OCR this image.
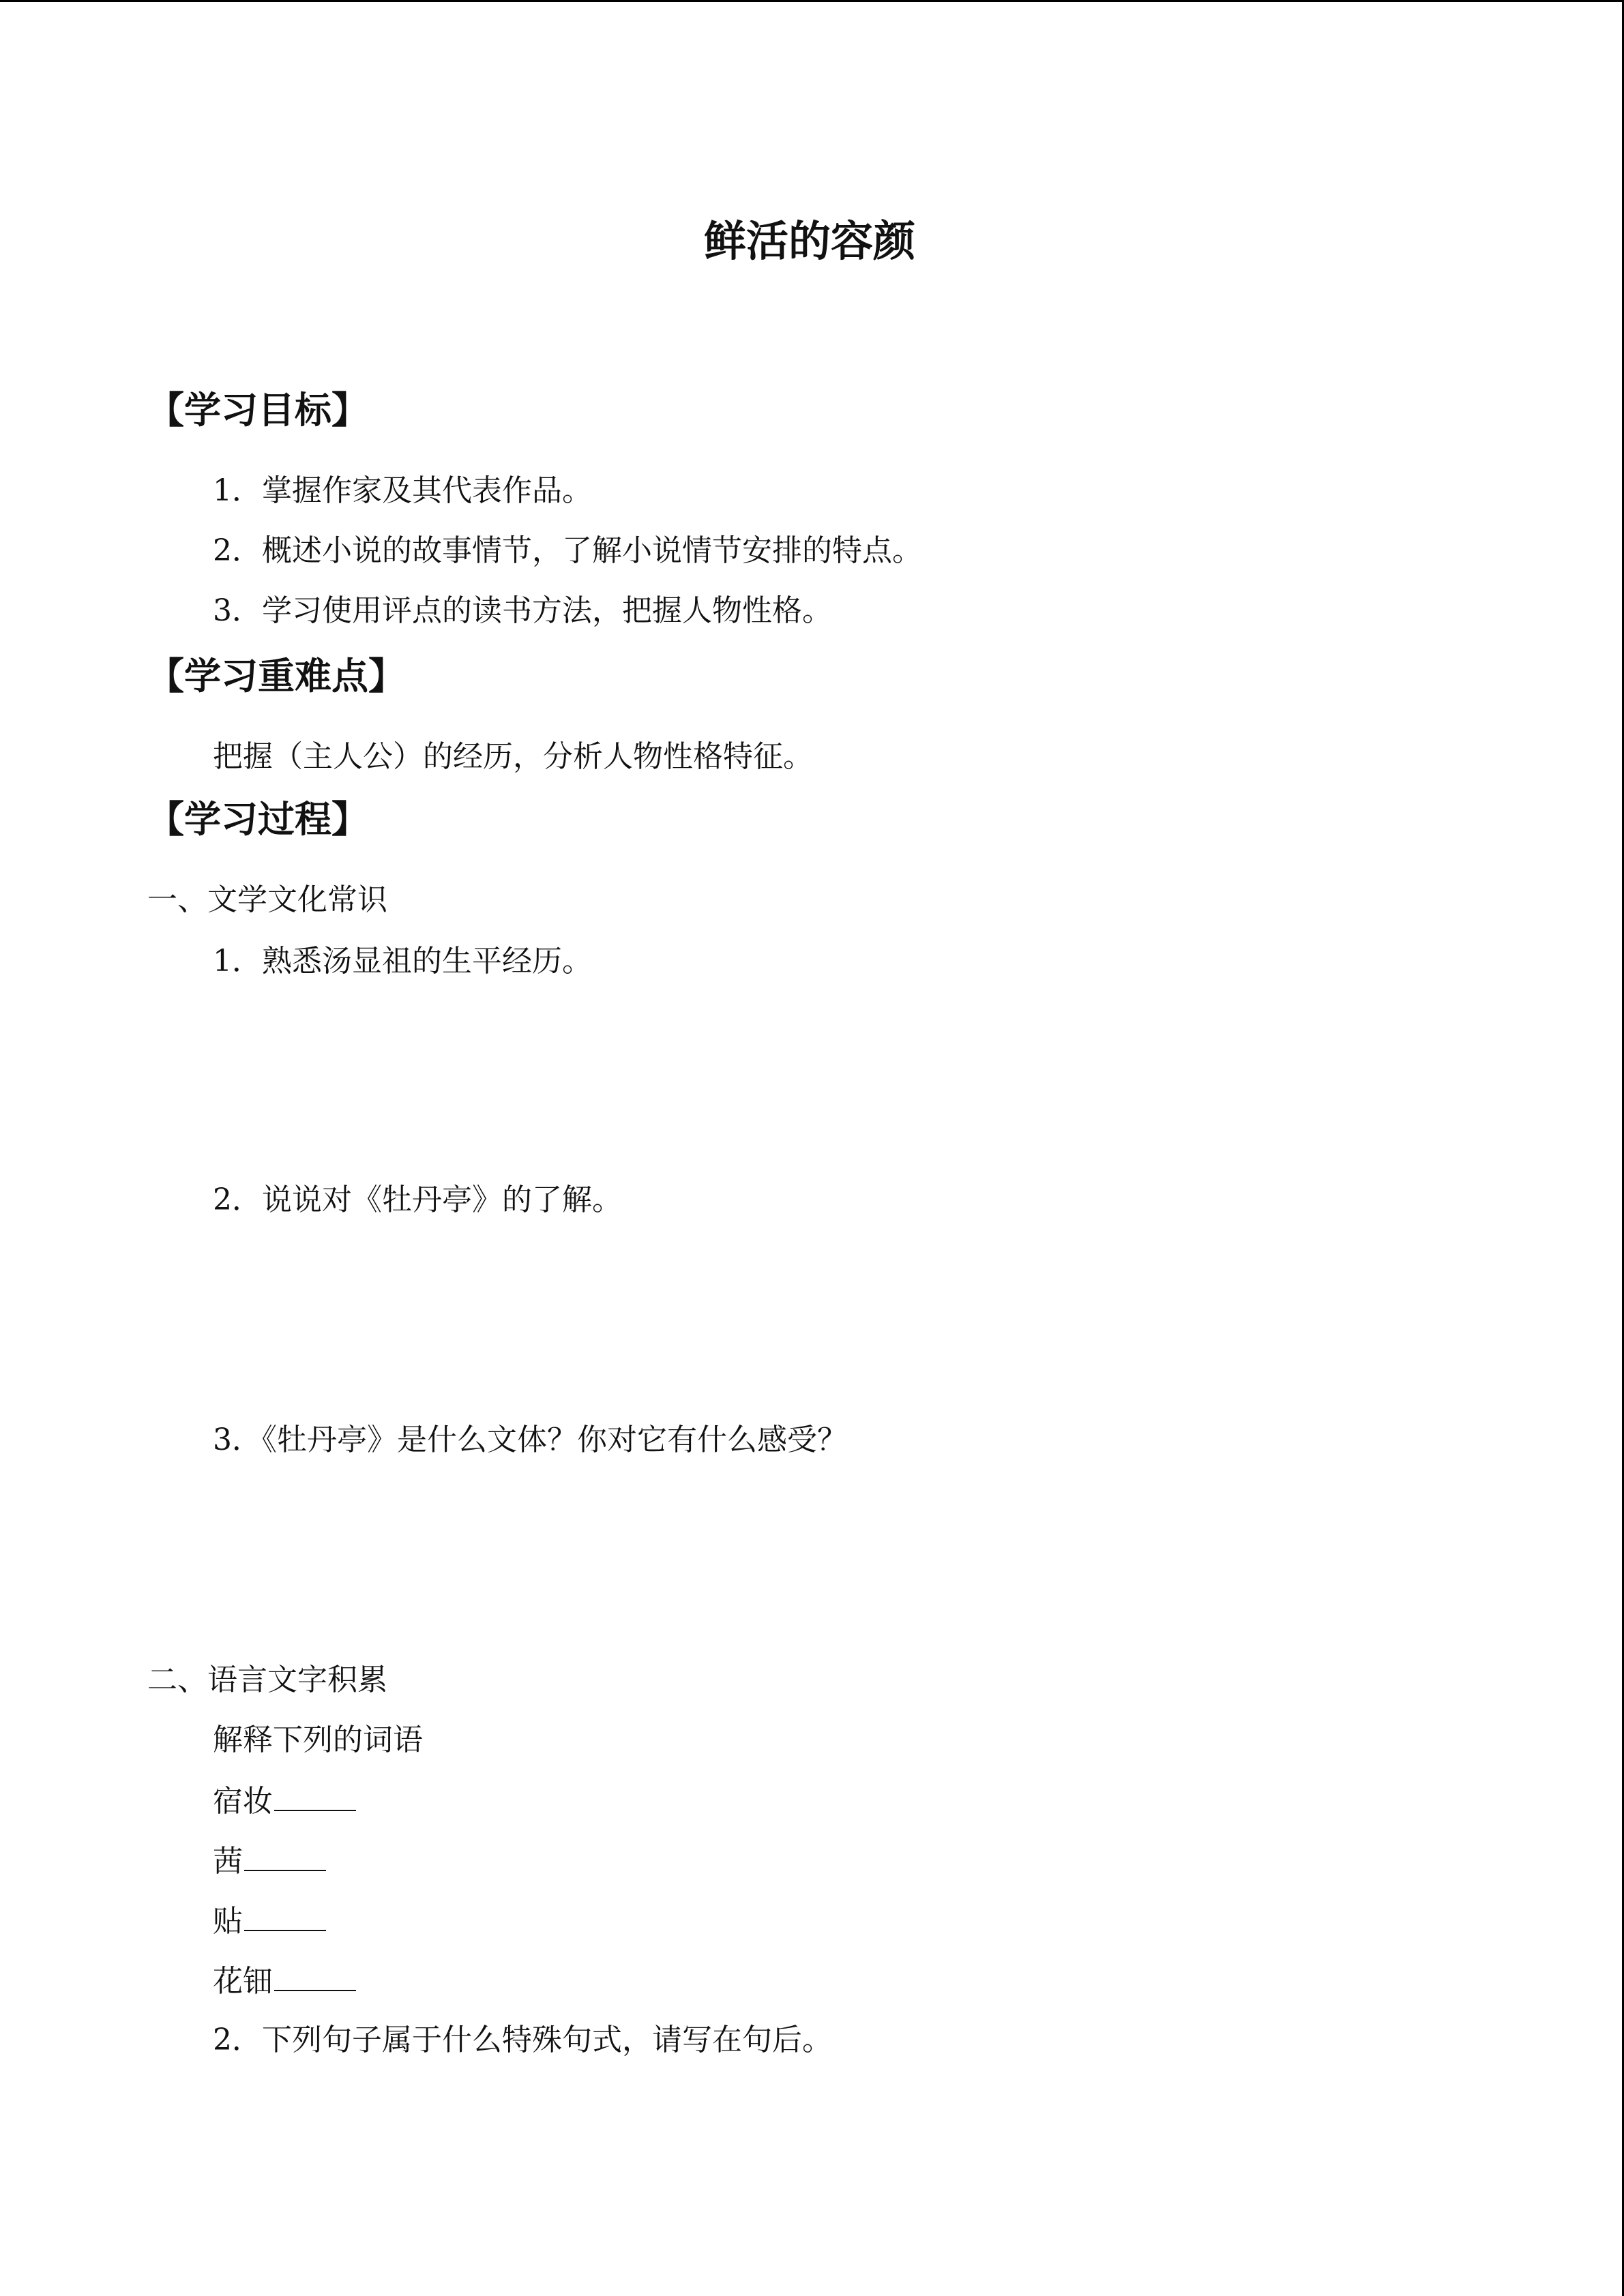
鲜活的容颜
【学习目标】
1．掌握作家及其代表作品。
2．概述小说的故事情节，了解小说情节安排的特点。
3．学习使用评点的读书方法，把握人物性格。
【学习重难点】
把握（主人公）的经历，分析人物性格特征。
【学习过程】
一、文学文化常识
1．熟悉汤显祖的生平经历。
2．说说对《牡丹亭》的了解。
3．《牡丹亭》是什么文体？你对它有什么感受？
二、语言文字积累
解释下列的词语
宿妆
茜
贴
花钿
2．下列句子属于什么特殊句式，请写在句后。
